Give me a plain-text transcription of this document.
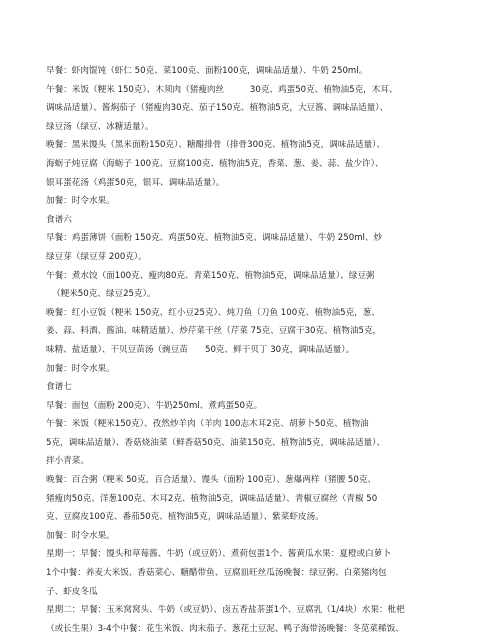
早餐：虾肉馄饨（虾仁 50克、菜100克、面粉100克，调味品适量）、牛奶 250ml。
午餐：米饭（粳米 150克）、木须肉（猪瘦肉丝　　　30克、鸡蛋50克、植物油5克，木耳、
调味品适量）、酱焖茄子（猪瘦肉30克、茄子150克、植物油5克，大豆酱、调味品适量）、
绿豆汤（绿豆、冰糖适量）。
晚餐：黑米馒头（黑米面粉150克）、糖醋排骨（排骨300克、植物油5克，调味品适量）、
海蛎子炖豆腐（海蛎子 100克、豆腐100克、植物油5克，香菜、葱、姜、蒜、盐少许）、
银耳蛋花汤（鸡蛋50克，银耳、调味品适量）。
加餐：时令水果。
食谱六
早餐：鸡蛋薄饼（面粉 150克、鸡蛋50克、植物油5克、调味品适量）、牛奶 250ml、炒
绿豆芽（绿豆芽 200克）。
午餐：煮水饺（面100克、瘦肉80克、青菜150克、植物油5克，调味品适量）、绿豆粥
（粳米50克、绿豆25克）。
晚餐：红小豆饭（粳米 150克、红小豆25克）、炖刀鱼（刀鱼 100克、植物油5克，葱、
姜、蒜、料酒、酱油、味精适量）、炒芹菜干丝（芹菜 75克、豆腐干30克、植物油5克，
味精、盐适量）、干贝豆苗汤（豌豆苗　　50克、鲜干贝丁 30克，调味品适量）。
加餐：时令水果。
食谱七
早餐：面包（面粉 200克）、牛奶250ml、煮鸡蛋50克。
午餐：米饭（粳米150克）、孜然炒羊肉（羊肉 100志木耳2克、胡萝卜50克、植物油
5克，调味品适量）、香菇烧油菜（鲜香菇50克、油菜150克、植物油5克，调味品适量）、
拌小青菜。
晚餐：百合粥（粳米 50克，百合适量）、馒头（面粉 100克）、葱爆两样（猪腰 50克、
猪瘦肉50克、洋葱100克、木耳2克、植物油5克，调味品适量）、青椒豆腐丝（青椒 50
克、豆腐皮100克、番茄50克、植物油5克，调味品适量）、紫菜虾皮汤。
加餐：时令水果。
星期一：早餐：馒头和草莓酱、牛奶（或豆奶）、煮荷包蛋1个、酱黄瓜水果：夏橙或白萝卜
1个中餐：养麦大米饭、香菇菜心、糖醋带鱼、豆腐皿旺丝瓜汤晚餐：绿豆粥、白菜猪肉包
子、虾皮冬瓜
星期二：早餐：玉米窝窝头、牛奶（或豆奶）、卤五香盐茶蛋1个、豆腐乳（1/4块）水果：枇杷
（或长生果）3-4个中餐：花生米饭、肉末茄子、葱花土豆泥、鸭子海带汤晚餐：冬苋菜稀饭、
